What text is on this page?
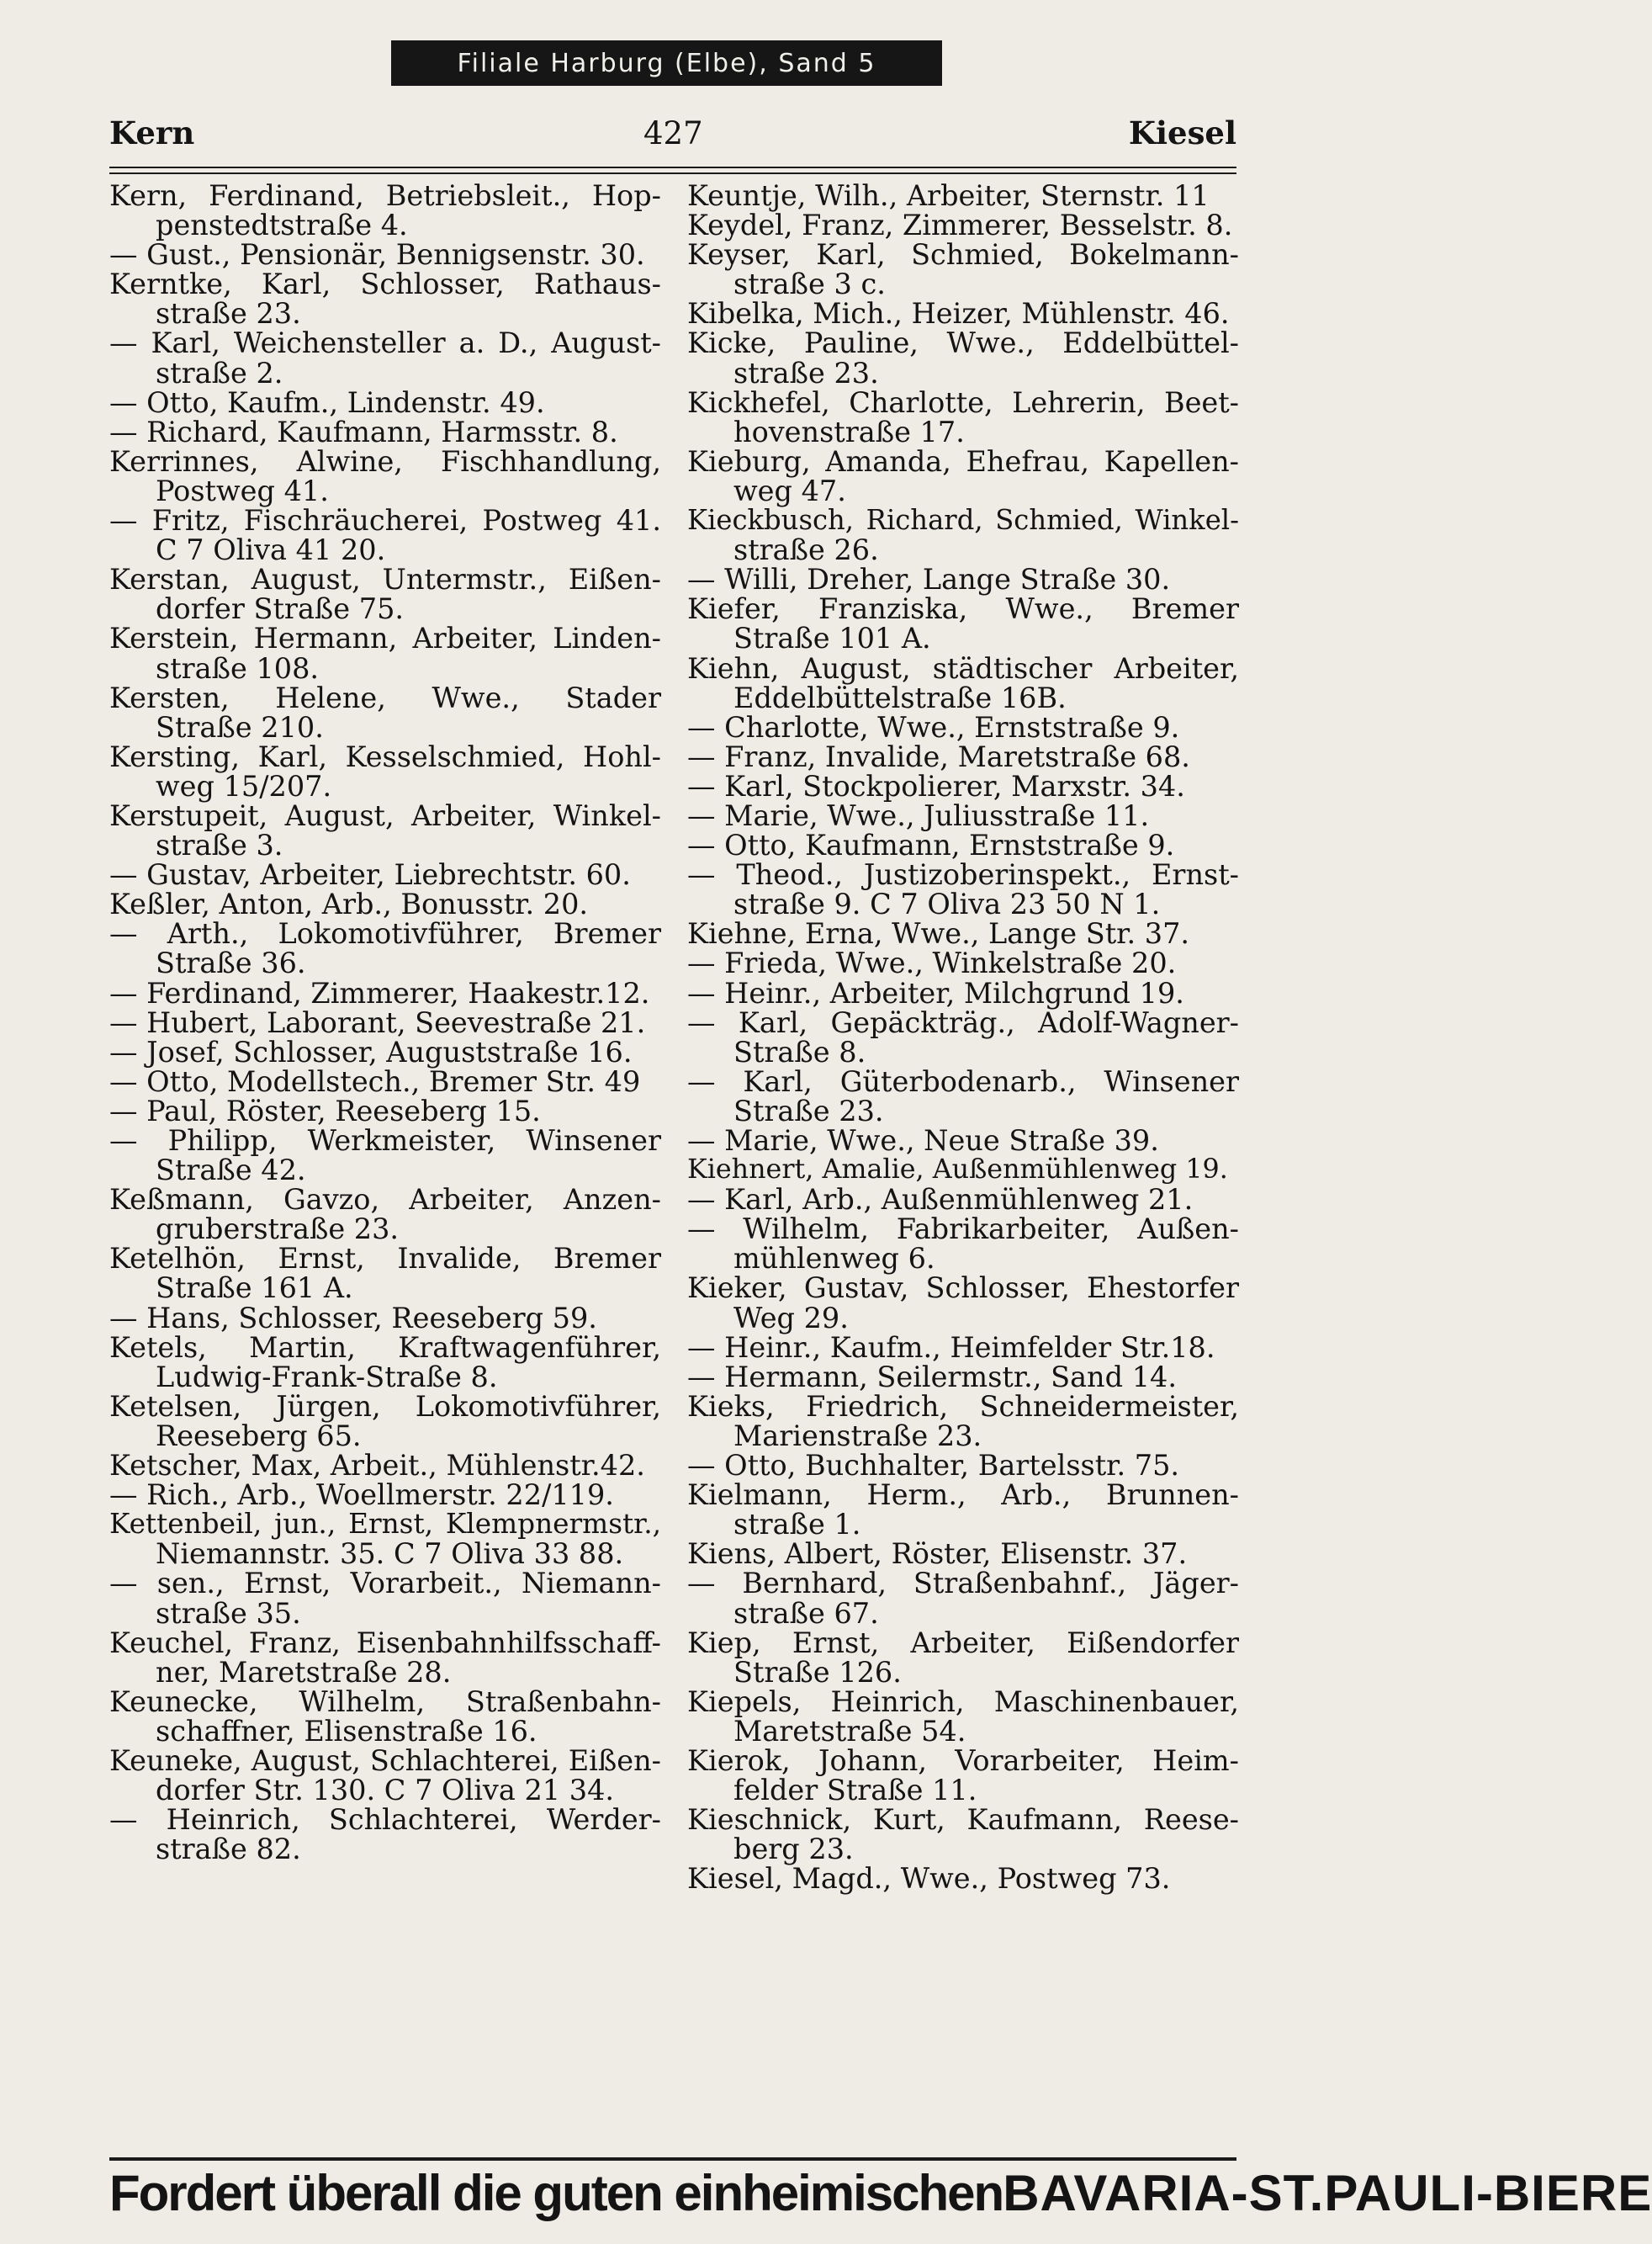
Filiale Harburg (Elbe), Sand 5
Kern	427	Kiesel
Kern, Ferdinand, Betriebsleit., Hop-
penstedtstraße 4.
— Gust., Pensionär, Bennigsenstr. 30.
Kerntke, Karl, Schlosser, Rathaus-
straße 23.
— Karl, Weichensteller a. D., August-
straße 2.
— Otto, Kaufm., Lindenstr. 49.
— Richard, Kaufmann, Harmsstr. 8.
Kerrinnes, Alwine, Fischhandlung,
Postweg 41.
— Fritz, Fischräucherei, Postweg 41.
C 7 Oliva 41 20.
Kerstan, August, Untermstr., Eißen-
dorfer Straße 75.
Kerstein, Hermann, Arbeiter, Linden-
straße 108.
Kersten, Helene, Wwe., Stader
Straße 210.
Kersting, Karl, Kesselschmied, Hohl-
weg 15/207.
Kerstupeit, August, Arbeiter, Winkel-
straße 3.
— Gustav, Arbeiter, Liebrechtstr. 60.
Keßler, Anton, Arb., Bonusstr. 20.
— Arth., Lokomotivführer, Bremer
Straße 36.
— Ferdinand, Zimmerer, Haakestr.12.
— Hubert, Laborant, Seevestraße 21.
— Josef, Schlosser, Auguststraße 16.
— Otto, Modellstech., Bremer Str. 49
— Paul, Röster, Reeseberg 15.
— Philipp, Werkmeister, Winsener
Straße 42.
Keßmann, Gavzo, Arbeiter, Anzen-
gruberstraße 23.
Ketelhön, Ernst, Invalide, Bremer
Straße 161 A.
— Hans, Schlosser, Reeseberg 59.
Ketels, Martin, Kraftwagenführer,
Ludwig-Frank-Straße 8.
Ketelsen, Jürgen, Lokomotivführer,
Reeseberg 65.
Ketscher, Max, Arbeit., Mühlenstr.42.
— Rich., Arb., Woellmerstr. 22/119.
Kettenbeil, jun., Ernst, Klempnermstr.,
Niemannstr. 35. C 7 Oliva 33 88.
— sen., Ernst, Vorarbeit., Niemann-
straße 35.
Keuchel, Franz, Eisenbahnhilfsschaff-
ner, Maretstraße 28.
Keunecke, Wilhelm, Straßenbahn-
schaffner, Elisenstraße 16.
Keuneke, August, Schlachterei, Eißen-
dorfer Str. 130. C 7 Oliva 21 34.
— Heinrich, Schlachterei, Werder-
straße 82.
Keuntje, Wilh., Arbeiter, Sternstr. 11
Keydel, Franz, Zimmerer, Besselstr. 8.
Keyser, Karl, Schmied, Bokelmann-
straße 3 c.
Kibelka, Mich., Heizer, Mühlenstr. 46.
Kicke, Pauline, Wwe., Eddelbüttel-
straße 23.
Kickhefel, Charlotte, Lehrerin, Beet-
hovenstraße 17.
Kieburg, Amanda, Ehefrau, Kapellen-
weg 47.
Kieckbusch, Richard, Schmied, Winkel-
straße 26.
— Willi, Dreher, Lange Straße 30.
Kiefer, Franziska, Wwe., Bremer
Straße 101 A.
Kiehn, August, städtischer Arbeiter,
Eddelbüttelstraße 16B.
— Charlotte, Wwe., Ernststraße 9.
— Franz, Invalide, Maretstraße 68.
— Karl, Stockpolierer, Marxstr. 34.
— Marie, Wwe., Juliusstraße 11.
— Otto, Kaufmann, Ernststraße 9.
— Theod., Justizoberinspekt., Ernst-
straße 9. C 7 Oliva 23 50 N 1.
Kiehne, Erna, Wwe., Lange Str. 37.
— Frieda, Wwe., Winkelstraße 20.
— Heinr., Arbeiter, Milchgrund 19.
— Karl, Gepäckträg., Adolf-Wagner-
Straße 8.
— Karl, Güterbodenarb., Winsener
Straße 23.
— Marie, Wwe., Neue Straße 39.
Kiehnert, Amalie, Außenmühlenweg 19.
— Karl, Arb., Außenmühlenweg 21.
— Wilhelm, Fabrikarbeiter, Außen-
mühlenweg 6.
Kieker, Gustav, Schlosser, Ehestorfer
Weg 29.
— Heinr., Kaufm., Heimfelder Str.18.
— Hermann, Seilermstr., Sand 14.
Kieks, Friedrich, Schneidermeister,
Marienstraße 23.
— Otto, Buchhalter, Bartelsstr. 75.
Kielmann, Herm., Arb., Brunnen-
straße 1.
Kiens, Albert, Röster, Elisenstr. 37.
— Bernhard, Straßenbahnf., Jäger-
straße 67.
Kiep, Ernst, Arbeiter, Eißendorfer
Straße 126.
Kiepels, Heinrich, Maschinenbauer,
Maretstraße 54.
Kierok, Johann, Vorarbeiter, Heim-
felder Straße 11.
Kieschnick, Kurt, Kaufmann, Reese-
berg 23.
Kiesel, Magd., Wwe., Postweg 73.
Fordert überall die guten einheimischen BAVARIA-ST.PAULI-BIERE
